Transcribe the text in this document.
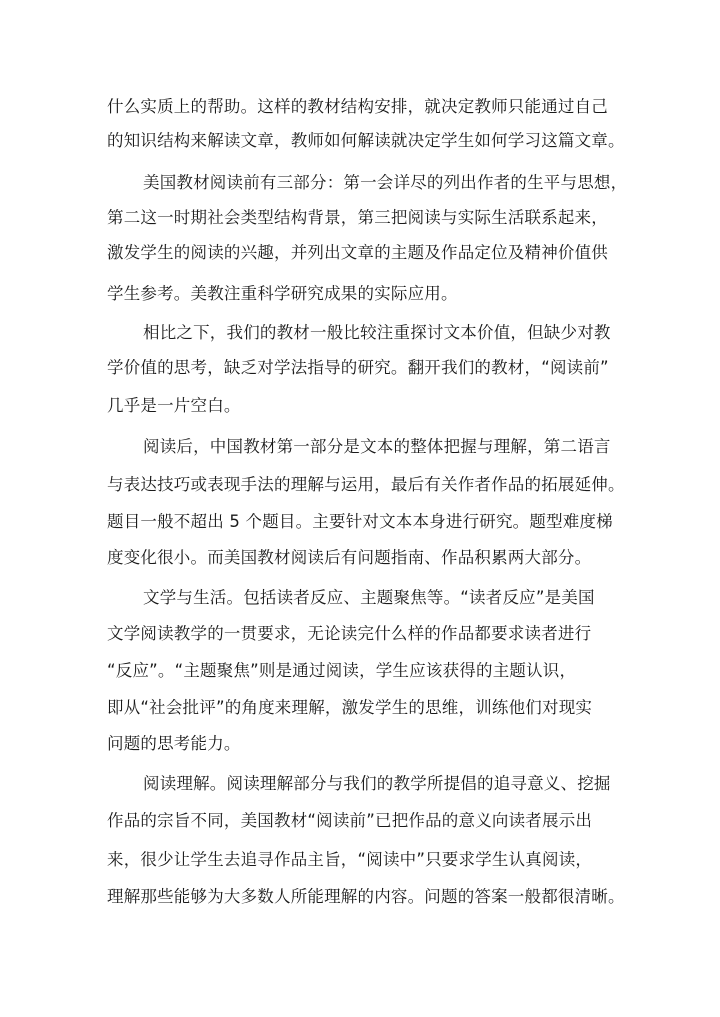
什么实质上的帮助。这样的教材结构安排，就决定教师只能通过自己
的知识结构来解读文章，教师如何解读就决定学生如何学习这篇文章。
美国教材阅读前有三部分：第一会详尽的列出作者的生平与思想，
第二这一时期社会类型结构背景，第三把阅读与实际生活联系起来，
激发学生的阅读的兴趣，并列出文章的主题及作品定位及精神价值供
学生参考。美教注重科学研究成果的实际应用。
相比之下，我们的教材一般比较注重探讨文本价值，但缺少对教
学价值的思考，缺乏对学法指导的研究。翻开我们的教材，“阅读前”
几乎是一片空白。
阅读后，中国教材第一部分是文本的整体把握与理解，第二语言
与表达技巧或表现手法的理解与运用，最后有关作者作品的拓展延伸。
题目一般不超出 5 个题目。主要针对文本本身进行研究。题型难度梯
度变化很小。而美国教材阅读后有问题指南、作品积累两大部分。
文学与生活。包括读者反应、主题聚焦等。“读者反应”是美国
文学阅读教学的一贯要求，无论读完什么样的作品都要求读者进行
“反应”。“主题聚焦”则是通过阅读，学生应该获得的主题认识，
即从“社会批评”的角度来理解，激发学生的思维，训练他们对现实
问题的思考能力。
阅读理解。阅读理解部分与我们的教学所提倡的追寻意义、挖掘
作品的宗旨不同，美国教材“阅读前”已把作品的意义向读者展示出
来，很少让学生去追寻作品主旨，“阅读中”只要求学生认真阅读，
理解那些能够为大多数人所能理解的内容。问题的答案一般都很清晰。
